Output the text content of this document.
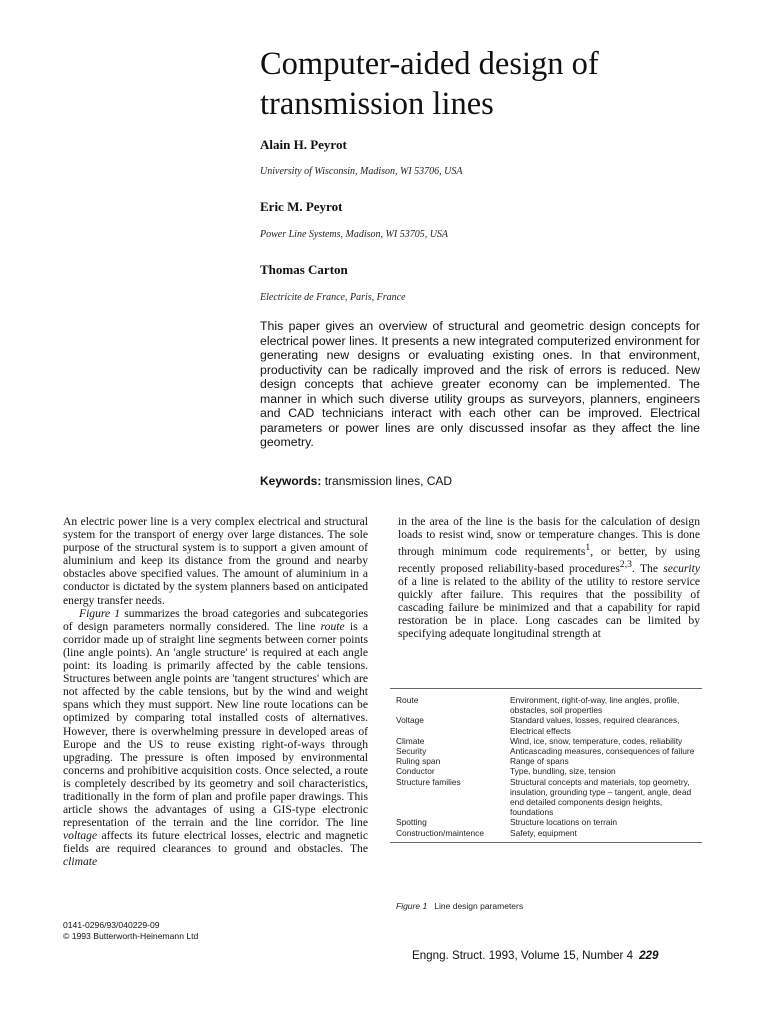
Computer-aided design of
transmission lines
Alain H. Peyrot
University of Wisconsin, Madison, WI 53706, USA
Eric M. Peyrot
Power Line Systems, Madison, WI 53705, USA
Thomas Carton
Electricite de France, Paris, France
This paper gives an overview of structural and geometric design concepts for electrical power lines. It presents a new integrated computerized environment for generating new designs or evaluating existing ones. In that environment, productivity can be radically improved and the risk of errors is reduced. New design concepts that achieve greater economy can be implemented. The manner in which such diverse utility groups as surveyors, planners, engineers and CAD technicians interact with each other can be improved. Electrical parameters or power lines are only discussed insofar as they affect the line geometry.
Keywords: transmission lines, CAD

An electric power line is a very complex electrical and structural system for the transport of energy over large distances. The sole purpose of the structural system is to support a given amount of aluminium and keep its distance from the ground and nearby obstacles above specified values. The amount of aluminium in a conductor is dictated by the system planners based on anticipated energy transfer needs.

Figure 1 summarizes the broad categories and subcategories of design parameters normally considered. The line route is a corridor made up of straight line segments between corner points (line angle points). An 'angle structure' is required at each angle point: its loading is primarily affected by the cable tensions. Structures between angle points are 'tangent structures' which are not affected by the cable tensions, but by the wind and weight spans which they must support. New line route locations can be optimized by comparing total installed costs of alternatives. However, there is overwhelming pressure in developed areas of Europe and the US to reuse existing right-of-ways through upgrading. The pressure is often imposed by environmental concerns and prohibitive acquisition costs. Once selected, a route is completely described by its geometry and soil characteristics, traditionally in the form of plan and profile paper drawings. This article shows the advantages of using a GIS-type electronic representation of the terrain and the line corridor. The line voltage affects its future electrical losses, electric and magnetic fields are required clearances to ground and obstacles. The climate

in the area of the line is the basis for the calculation of design loads to resist wind, snow or temperature changes. This is done through minimum code requirements$^1$, or better, by using recently proposed reliability-based procedures$^{2,3}$. The security of a line is related to the ability of the utility to restore service quickly after failure. This requires that the possibility of cascading failure be minimized and that a capability for rapid restoration be in place. Long cascades can be limited by specifying adequate longitudinal strength at

Route	Environment, right-of-way, line angles, profile, obstacles, soil properties
Voltage	Standard values, losses, required clearances, Electrical effects
Climate	Wind, ice, snow, temperature, codes, reliability
Security	Anticascading measures, consequences of failure
Ruling span	Range of spans
Conductor	Type, bundling, size, tension
Structure families	Structural concepts and materials, top geometry, insulation, grounding type – tangent, angle, dead end detailed components design heights, foundations
Spotting	Structure locations on terrain
Construction/maintence	Safety, equipment
Figure 1 Line design parameters
0141-0296/93/040229-09
© 1993 Butterworth-Heinemann Ltd
Engng. Struct. 1993, Volume 15, Number 4 229
